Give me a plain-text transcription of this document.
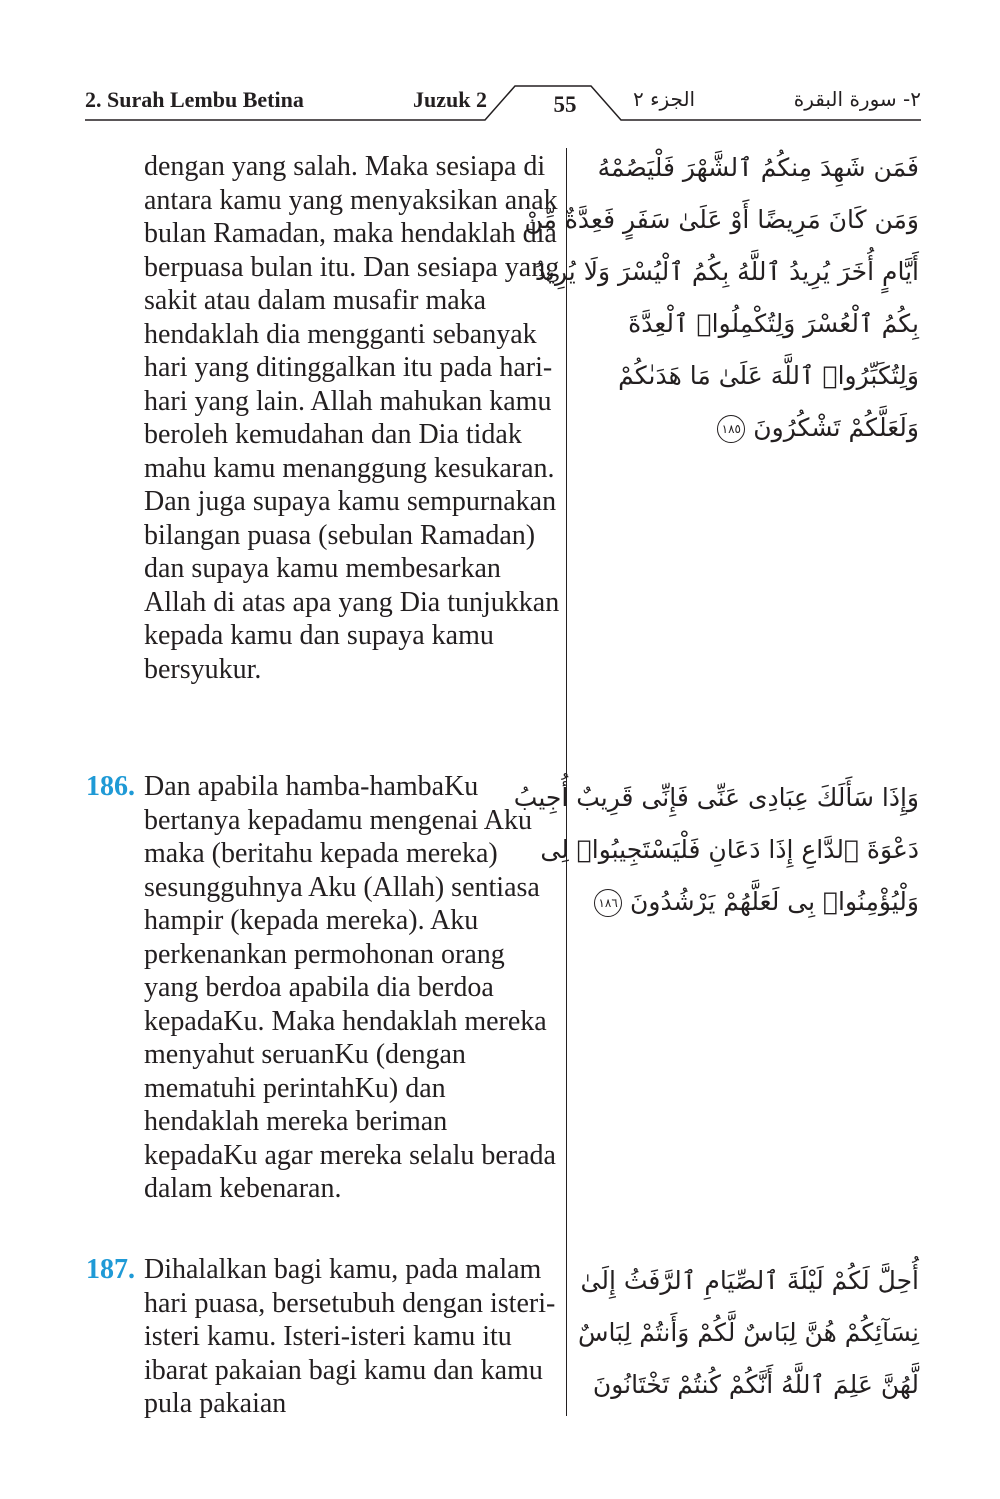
2. Surah Lembu Betina	Juzuk 2	55	الجزء ٢	٢- سورة البقرة

dengan yang salah. Maka sesiapa di antara kamu yang menyaksikan anak bulan Ramadan, maka hendaklah dia berpuasa bulan itu. Dan sesiapa yang sakit atau dalam musafir maka hendaklah dia mengganti sebanyak hari yang ditinggalkan itu pada hari-hari yang lain. Allah mahukan kamu beroleh kemudahan dan Dia tidak mahu kamu menanggung kesukaran. Dan juga supaya kamu sempurnakan bilangan puasa (sebulan Ramadan) dan supaya kamu membesarkan Allah di atas apa yang Dia tunjukkan kepada kamu dan supaya kamu bersyukur.

فَمَن شَهِدَ مِنكُمُ ٱلشَّهْرَ فَلْيَصُمْهُ
وَمَن كَانَ مَرِيضًا أَوْ عَلَىٰ سَفَرٍ فَعِدَّةٌ مِّنْ
أَيَّامٍ أُخَرَ يُرِيدُ ٱللَّهُ بِكُمُ ٱلْيُسْرَ وَلَا يُرِيدُ
بِكُمُ ٱلْعُسْرَ وَلِتُكْمِلُوا۟ ٱلْعِدَّةَ
وَلِتُكَبِّرُوا۟ ٱللَّهَ عَلَىٰ مَا هَدَىٰكُمْ
وَلَعَلَّكُمْ تَشْكُرُونَ ١٨٥
186. Dan apabila hamba-hambaKu bertanya kepadamu mengenai Aku maka (beritahu kepada mereka) sesungguhnya Aku (Allah) sentiasa hampir (kepada mereka). Aku perkenankan permohonan orang yang berdoa apabila dia berdoa kepadaKu. Maka hendaklah mereka menyahut seruanKu (dengan mematuhi perintahKu) dan hendaklah mereka beriman kepadaKu agar mereka selalu berada dalam kebenaran.

وَإِذَا سَأَلَكَ عِبَادِى عَنِّى فَإِنِّى قَرِيبٌ أُجِيبُ
دَعْوَةَ ٱلدَّاعِ إِذَا دَعَانِ فَلْيَسْتَجِيبُوا۟ لِى
وَلْيُؤْمِنُوا۟ بِى لَعَلَّهُمْ يَرْشُدُونَ ١٨٦
187. Dihalalkan bagi kamu, pada malam hari puasa, bersetubuh dengan isteri-isteri kamu. Isteri-isteri kamu itu ibarat pakaian bagi kamu dan kamu pula pakaian

أُحِلَّ لَكُمْ لَيْلَةَ ٱلصِّيَامِ ٱلرَّفَثُ إِلَىٰ
نِسَآئِكُمْ هُنَّ لِبَاسٌ لَّكُمْ وَأَنتُمْ لِبَاسٌ
لَّهُنَّ عَلِمَ ٱللَّهُ أَنَّكُمْ كُنتُمْ تَخْتَانُونَ
